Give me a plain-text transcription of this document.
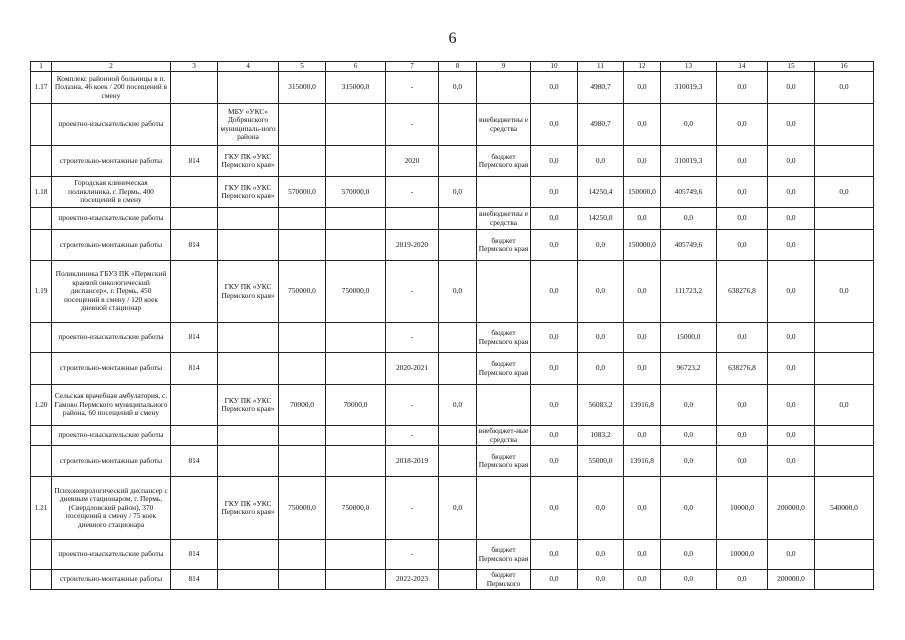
6
1	2	3	4	5	6	7	8	9	10	11	12	13	14	15	16
1.17	Комплекс районной больницы в п. Полазна, 46 коек / 200 посещений в смену			315000,0	315000,0	-	0,0		0,0	4980,7	0,0	310019,3	0,0	0,0	0,0
	проектно-изыскательские работы		МБУ «УКС» Добрянского муниципаль-ного района			-		внебюджетны е средства	0,0	4980,7	0,0	0,0	0,0	0,0	
	строительно-монтажные работы	814	ГКУ ПК «УКС Пермского края»			2020		бюджет Пермского края	0,0	0,0	0,0	310019,3	0,0	0,0	
1.18	Городская клиническая поликлиника, г. Пермь, 400 посещений в смену		ГКУ ПК «УКС Пермского края»	570000,0	570000,0	-	0,0		0,0	14250,4	150000,0	405749,6	0,0	0,0	0,0
	проектно-изыскательские работы							внебюджетны е средства	0,0	14250,0	0,0	0,0	0,0	0,0	
	строительно-монтажные работы	814				2019-2020		бюджет Пермского края	0,0	0,0	150000,0	405749,6	0,0	0,0	
1.19	Поликлиника ГБУЗ ПК «Пермский краевой онкологический диспансер», г. Пермь, 450 посещений в смену / 120 коек дневной стационар		ГКУ ПК «УКС Пермского края»	750000,0	750000,0	-	0,0		0,0	0,0	0,0	111723,2	638276,8	0,0	0,0
	проектно-изыскательские работы	814				-		бюджет Пермского края	0,0	0,0	0,0	15000,0	0,0	0,0	
	строительно-монтажные работы	814				2020-2021		бюджет Пермского края	0,0	0,0	0,0	96723,2	638276,8	0,0	
1.20	Сельская врачебная амбулатория, с. Гамово Пермского муниципального района, 60 посещений в смену		ГКУ ПК «УКС Пермского края»	70000,0	70000,0	-	0,0		0,0	56083,2	13916,8	0,0	0,0	0,0	0,0
	проектно-изыскательские работы					-		внебюджет-ные средства	0,0	1083,2	0,0	0,0	0,0	0,0	
	строительно-монтажные работы	814				2018-2019		бюджет Пермского края	0,0	55000,0	13916,8	0,0	0,0	0,0	
1.21	Психоневрологический диспансер с дневным стационаром, г. Пермь, (Свердловский район), 370 посещений в смену / 75 коек дневного стационара		ГКУ ПК «УКС Пермского края»	750000,0	750000,0	-	0,0		0,0	0,0	0,0	0,0	10000,0	200000,0	540000,0
	проектно-изыскательские работы	814				-		бюджет Пермского края	0,0	0,0	0,0	0,0	10000,0	0,0	
	строительно-монтажные работы	814				2022-2023		бюджет Пермского	0,0	0,0	0,0	0,0	0,0	200000,0	
